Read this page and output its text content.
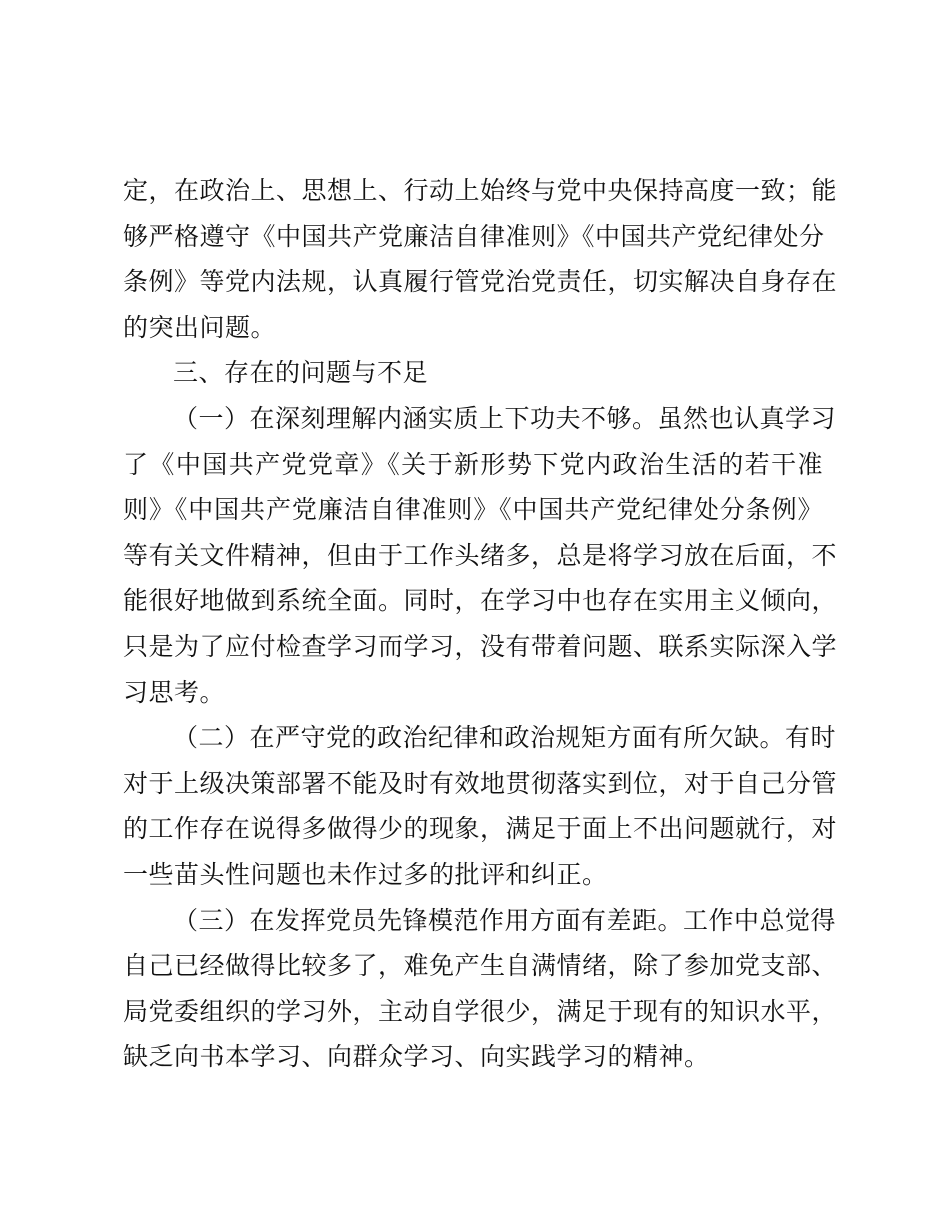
定，在政治上、思想上、行动上始终与党中央保持高度一致；能
够严格遵守《中国共产党廉洁自律准则》《中国共产党纪律处分
条例》等党内法规，认真履行管党治党责任，切实解决自身存在
的突出问题。
三、存在的问题与不足
（一）在深刻理解内涵实质上下功夫不够。虽然也认真学习
了《中国共产党党章》《关于新形势下党内政治生活的若干准
则》《中国共产党廉洁自律准则》《中国共产党纪律处分条例》
等有关文件精神，但由于工作头绪多，总是将学习放在后面，不
能很好地做到系统全面。同时，在学习中也存在实用主义倾向，
只是为了应付检查学习而学习，没有带着问题、联系实际深入学
习思考。
（二）在严守党的政治纪律和政治规矩方面有所欠缺。有时
对于上级决策部署不能及时有效地贯彻落实到位，对于自己分管
的工作存在说得多做得少的现象，满足于面上不出问题就行，对
一些苗头性问题也未作过多的批评和纠正。
（三）在发挥党员先锋模范作用方面有差距。工作中总觉得
自己已经做得比较多了，难免产生自满情绪，除了参加党支部、
局党委组织的学习外，主动自学很少，满足于现有的知识水平，
缺乏向书本学习、向群众学习、向实践学习的精神。
